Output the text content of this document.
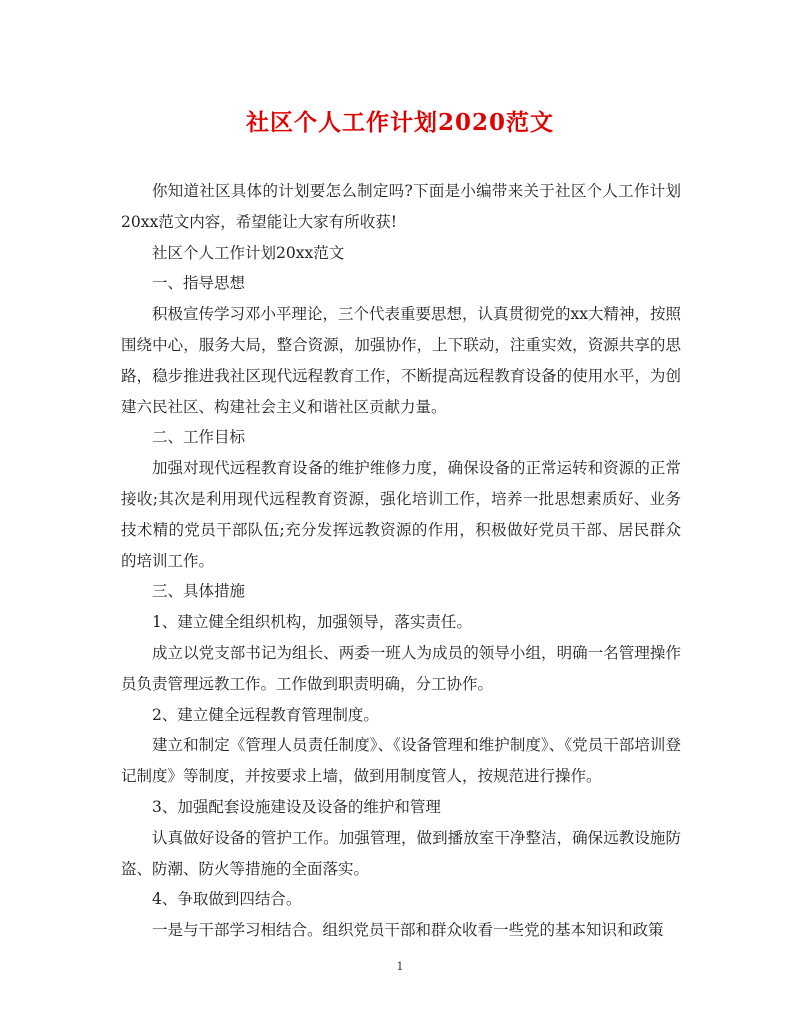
社区个人工作计划2020范文

你知道社区具体的计划要怎么制定吗?下面是小编带来关于社区个人工作计划20xx范文内容，希望能让大家有所收获!

社区个人工作计划20xx范文

一、指导思想

积极宣传学习邓小平理论，三个代表重要思想，认真贯彻党的xx大精神，按照围绕中心，服务大局，整合资源，加强协作，上下联动，注重实效，资源共享的思路，稳步推进我社区现代远程教育工作，不断提高远程教育设备的使用水平，为创建六民社区、构建社会主义和谐社区贡献力量。

二、工作目标

加强对现代远程教育设备的维护维修力度，确保设备的正常运转和资源的正常接收;其次是利用现代远程教育资源，强化培训工作，培养一批思想素质好、业务技术精的党员干部队伍;充分发挥远教资源的作用，积极做好党员干部、居民群众的培训工作。

三、具体措施

1、建立健全组织机构，加强领导，落实责任。

成立以党支部书记为组长、两委一班人为成员的领导小组，明确一名管理操作员负责管理远教工作。工作做到职责明确，分工协作。

2、建立健全远程教育管理制度。

建立和制定《管理人员责任制度》、《设备管理和维护制度》、《党员干部培训登记制度》等制度，并按要求上墙，做到用制度管人，按规范进行操作。

3、加强配套设施建设及设备的维护和管理

认真做好设备的管护工作。加强管理，做到播放室干净整洁，确保远教设施防盗、防潮、防火等措施的全面落实。

4、争取做到四结合。

一是与干部学习相结合。组织党员干部和群众收看一些党的基本知识和政策

1
